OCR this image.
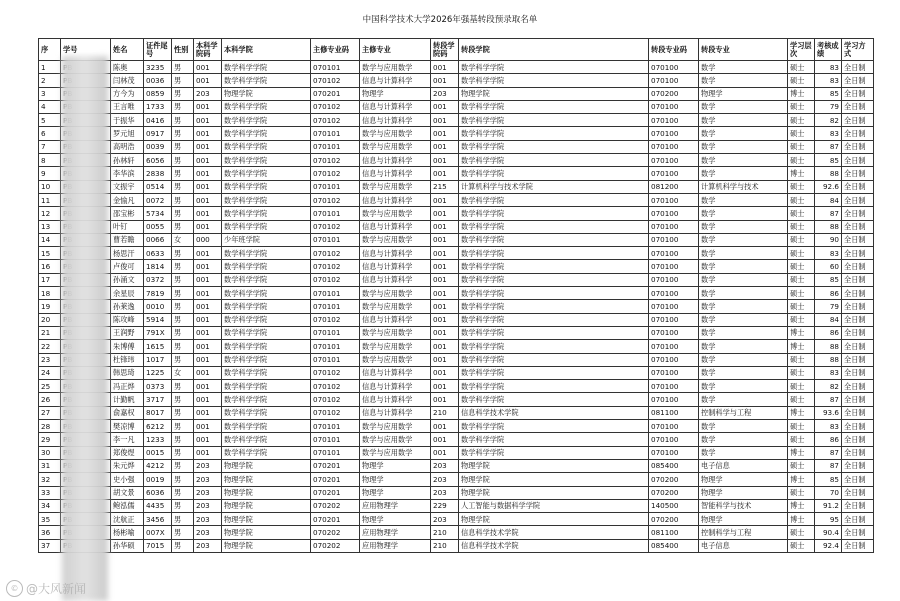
中国科学技术大学2026年强基转段预录取名单
序	学号	姓名	证件尾号	性别	本科学院码	本科学院	主修专业码	主修专业	转段学院码	转段学院	转段专业码	转段专业	学习层次	考核成绩	学习方式
1		陈奥	3235	男	001	数学科学学院	070101	数学与应用数学	001	数学科学学院	070100	数学	硕士	83	全日制
2		闫林茂	0036	男	001	数学科学学院	070102	信息与计算科学	001	数学科学学院	070100	数学	硕士	83	全日制
3		方今为	0859	男	203	物理学院	070201	物理学	203	物理学院	070200	物理学	博士	85	全日制
4		王言唯	1733	男	001	数学科学学院	070102	信息与计算科学	001	数学科学学院	070100	数学	硕士	79	全日制
5		于振华	0416	男	001	数学科学学院	070102	信息与计算科学	001	数学科学学院	070100	数学	硕士	82	全日制
6		罗元旭	0917	男	001	数学科学学院	070101	数学与应用数学	001	数学科学学院	070100	数学	硕士	83	全日制
7		高明浩	0039	男	001	数学科学学院	070101	数学与应用数学	001	数学科学学院	070100	数学	硕士	87	全日制
8		孙林轩	6056	男	001	数学科学学院	070102	信息与计算科学	001	数学科学学院	070100	数学	硕士	85	全日制
9		李华滨	2838	男	001	数学科学学院	070102	信息与计算科学	001	数学科学学院	070100	数学	博士	88	全日制
10		文振宇	0514	男	001	数学科学学院	070101	数学与应用数学	215	计算机科学与技术学院	081200	计算机科学与技术	硕士	92.6	全日制
11		金愉凡	0072	男	001	数学科学学院	070102	信息与计算科学	001	数学科学学院	070100	数学	硕士	84	全日制
12		邵宝彬	5734	男	001	数学科学学院	070101	数学与应用数学	001	数学科学学院	070100	数学	硕士	87	全日制
13		叶钉	0055	男	001	数学科学学院	070102	信息与计算科学	001	数学科学学院	070100	数学	硕士	88	全日制
14		曹若瞻	0066	女	000	少年班学院	070101	数学与应用数学	001	数学科学学院	070100	数学	硕士	90	全日制
15		杨思汗	0633	男	001	数学科学学院	070102	信息与计算科学	001	数学科学学院	070100	数学	硕士	83	全日制
16		卢俊可	1814	男	001	数学科学学院	070102	信息与计算科学	001	数学科学学院	070100	数学	硕士	60	全日制
17		孙涌文	0372	男	001	数学科学学院	070102	信息与计算科学	001	数学科学学院	070100	数学	硕士	85	全日制
18		余星辰	7819	男	001	数学科学学院	070101	数学与应用数学	001	数学科学学院	070100	数学	硕士	86	全日制
19		孙莱逸	0010	男	001	数学科学学院	070101	数学与应用数学	001	数学科学学院	070100	数学	硕士	79	全日制
20		陈攻峰	5914	男	001	数学科学学院	070102	信息与计算科学	001	数学科学学院	070100	数学	硕士	84	全日制
21		王润野	791X	男	001	数学科学学院	070101	数学与应用数学	001	数学科学学院	070100	数学	博士	86	全日制
22		朱博傅	1615	男	001	数学科学学院	070101	数学与应用数学	001	数学科学学院	070100	数学	博士	88	全日制
23		杜锋玮	1017	男	001	数学科学学院	070101	数学与应用数学	001	数学科学学院	070100	数学	硕士	88	全日制
24		韩思琦	1225	女	001	数学科学学院	070102	信息与计算科学	001	数学科学学院	070100	数学	硕士	83	全日制
25		冯正烨	0373	男	001	数学科学学院	070102	信息与计算科学	001	数学科学学院	070100	数学	硕士	82	全日制
26		计勤帆	3717	男	001	数学科学学院	070102	信息与计算科学	001	数学科学学院	070100	数学	硕士	87	全日制
27		俞嘉权	8017	男	001	数学科学学院	070102	信息与计算科学	210	信息科学技术学院	081100	控制科学与工程	博士	93.6	全日制
28		樊凉博	6212	男	001	数学科学学院	070101	数学与应用数学	001	数学科学学院	070100	数学	硕士	83	全日制
29		李一凡	1233	男	001	数学科学学院	070101	数学与应用数学	001	数学科学学院	070100	数学	硕士	86	全日制
30		郑俊煜	0015	男	001	数学科学学院	070101	数学与应用数学	001	数学科学学院	070100	数学	博士	87	全日制
31		朱元烨	4212	男	203	物理学院	070201	物理学	203	物理学院	085400	电子信息	硕士	87	全日制
32		史小强	0019	男	203	物理学院	070201	物理学	203	物理学院	070200	物理学	博士	85	全日制
33		胡文景	6036	男	203	物理学院	070201	物理学	203	物理学院	070200	物理学	硕士	70	全日制
34		鲍泓儒	4435	男	203	物理学院	070202	应用物理学	229	人工智能与数据科学学院	140500	智能科学与技术	博士	91.2	全日制
35		沈航正	3456	男	203	物理学院	070201	物理学	203	物理学院	070200	物理学	博士	95	全日制
36		杨彬喻	007X	男	203	物理学院	070202	应用物理学	210	信息科学技术学院	081100	控制科学与工程	硕士	90.4	全日制
37		孙华硕	7015	男	203	物理学院	070202	应用物理学	210	信息科学技术学院	085400	电子信息	硕士	92.4	全日制
© @大风新闻
